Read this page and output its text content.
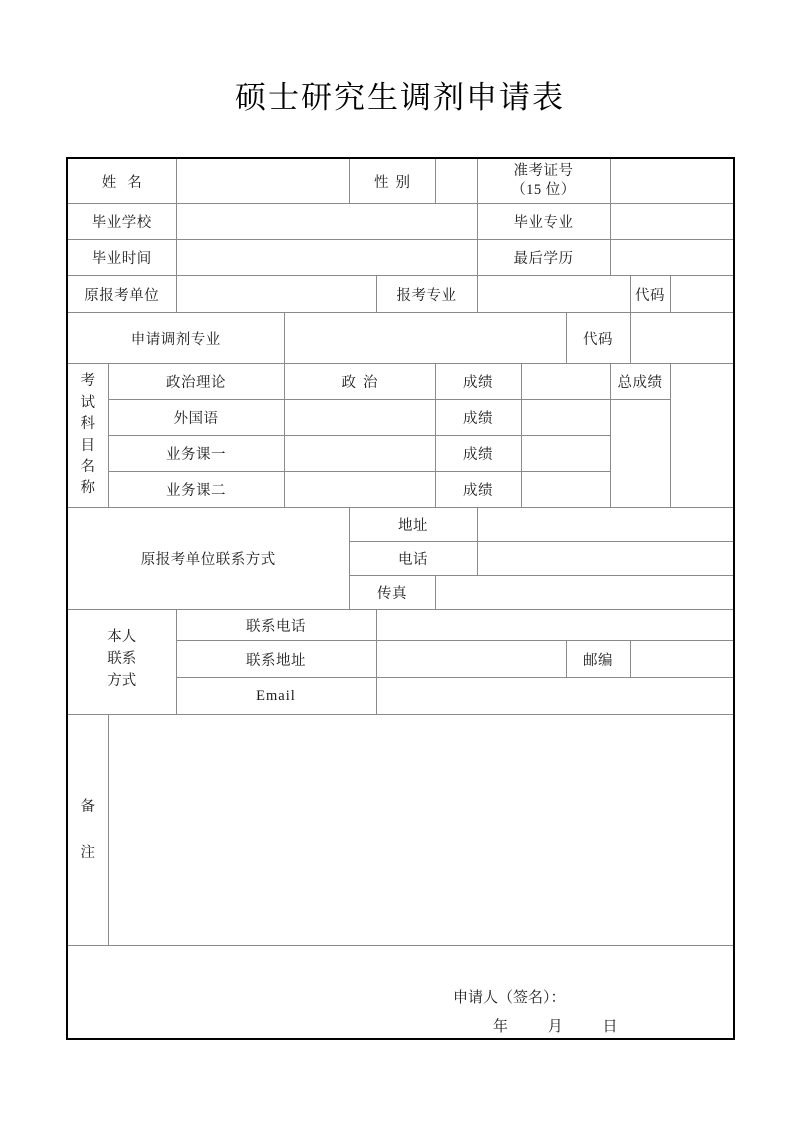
硕士研究生调剂申请表
姓名				性别			准考证号
（15 位）					

毕业学校							毕业专业					
毕业时间							最后学历					
原报考单位					报考专业						代码	
申请调剂专业									代码			
考试科目名称	政治理论		政治			成绩				总成绩		
	外国语					成绩						
	业务课一					成绩						
	业务课二					成绩						
原报考单位联系方式				地址								
				电话								
				传真								
本人联系方式		联系电话										
		联系地址							邮编			
		Email										
备注												

申请人（签名）：
年 月 日												
